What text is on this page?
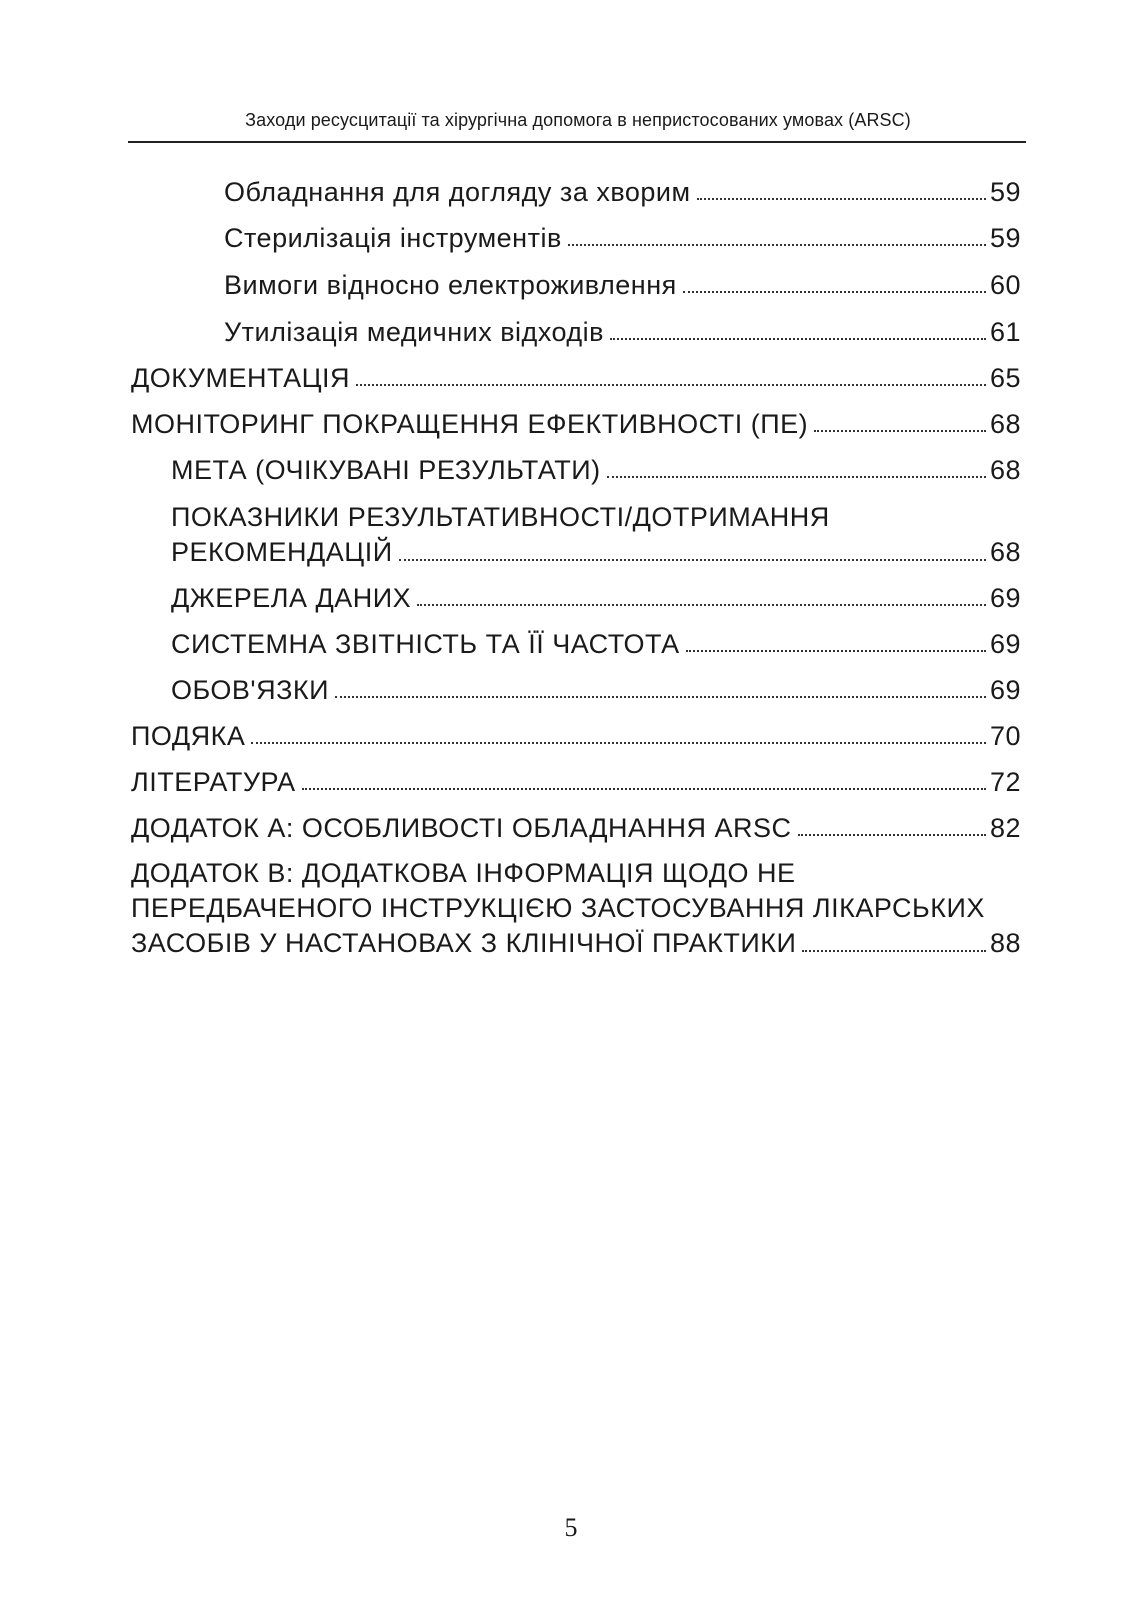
Заходи ресусцитації та хірургічна допомога в непристосованих умовах (ARSC)
Обладнання для догляду за хворим	59
Стерилізація інструментів	59
Вимоги відносно електроживлення	60
Утилізація медичних відходів	61
ДОКУМЕНТАЦІЯ	65
МОНІТОРИНГ ПОКРАЩЕННЯ ЕФЕКТИВНОСТІ (ПЕ)	68
МЕТА (ОЧІКУВАНІ РЕЗУЛЬТАТИ)	68
ПОКАЗНИКИ РЕЗУЛЬТАТИВНОСТІ/ДОТРИМАННЯ
РЕКОМЕНДАЦІЙ	68
ДЖЕРЕЛА ДАНИХ	69
СИСТЕМНА ЗВІТНІСТЬ ТА ЇЇ ЧАСТОТА	69
ОБОВ'ЯЗКИ	69
ПОДЯКА	70
ЛІТЕРАТУРА	72
ДОДАТОК A: ОСОБЛИВОСТІ ОБЛАДНАННЯ ARSC	82
ДОДАТОК B: ДОДАТКОВА ІНФОРМАЦІЯ ЩОДО НЕ
ПЕРЕДБАЧЕНОГО ІНСТРУКЦІЄЮ ЗАСТОСУВАННЯ ЛІКАРСЬКИХ
ЗАСОБІВ У НАСТАНОВАХ З КЛІНІЧНОЇ ПРАКТИКИ	88
5
